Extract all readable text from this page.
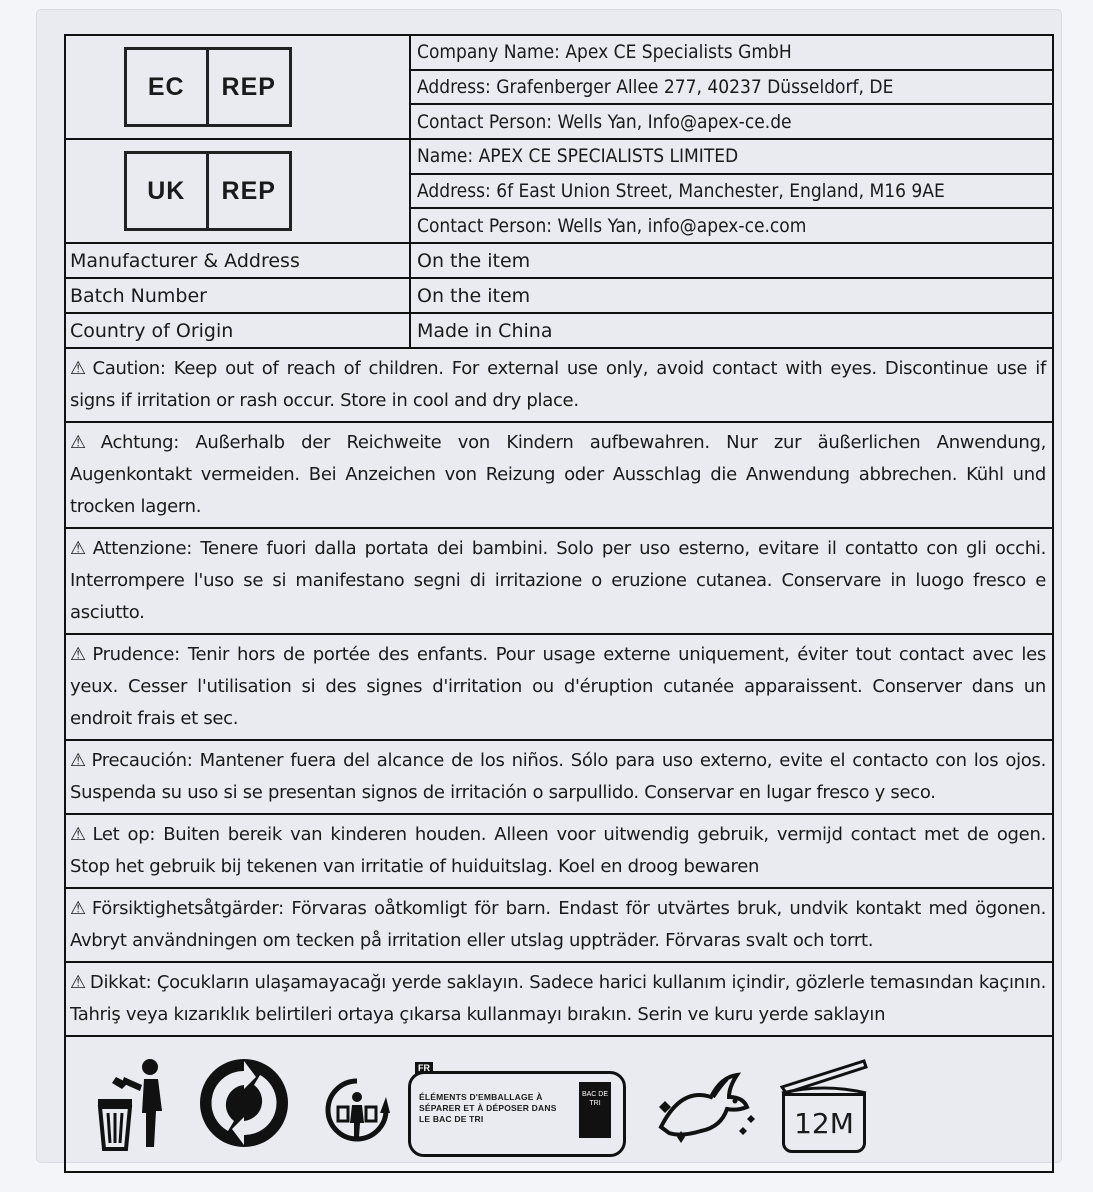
EC	REP
Company Name: Apex CE Specialists GmbH
Address: Grafenberger Allee 277, 40237 Düsseldorf, DE
Contact Person: Wells Yan, Info@apex-ce.de
UK	REP
Name: APEX CE SPECIALISTS LIMITED
Address: 6f East Union Street, Manchester, England, M16 9AE
Contact Person: Wells Yan, info@apex-ce.com
Manufacturer & Address	On the item
Batch Number	On the item
Country of Origin	Made in China
⚠ Caution: Keep out of reach of children. For external use only, avoid contact with eyes. Discontinue use if signs if irritation or rash occur. Store in cool and dry place.
⚠ Achtung: Außerhalb der Reichweite von Kindern aufbewahren. Nur zur äußerlichen Anwendung, Augenkontakt vermeiden. Bei Anzeichen von Reizung oder Ausschlag die Anwendung abbrechen. Kühl und trocken lagern.
⚠ Attenzione: Tenere fuori dalla portata dei bambini. Solo per uso esterno, evitare il contatto con gli occhi. Interrompere l'uso se si manifestano segni di irritazione o eruzione cutanea. Conservare in luogo fresco e asciutto.
⚠ Prudence: Tenir hors de portée des enfants. Pour usage externe uniquement, éviter tout contact avec les yeux. Cesser l'utilisation si des signes d'irritation ou d'éruption cutanée apparaissent. Conserver dans un endroit frais et sec.
⚠ Precaución: Mantener fuera del alcance de los niños. Sólo para uso externo, evite el contacto con los ojos. Suspenda su uso si se presentan signos de irritación o sarpullido. Conservar en lugar fresco y seco.
⚠ Let op: Buiten bereik van kinderen houden. Alleen voor uitwendig gebruik, vermijd contact met de ogen. Stop het gebruik bij tekenen van irritatie of huiduitslag. Koel en droog bewaren
⚠ Försiktighetsåtgärder: Förvaras oåtkomligt för barn. Endast för utvärtes bruk, undvik kontakt med ögonen. Avbryt användningen om tecken på irritation eller utslag uppträder. Förvaras svalt och torrt.
⚠ Dikkat: Çocukların ulaşamayacağı yerde saklayın. Sadece harici kullanım içindir, gözlerle temasından kaçının. Tahriş veya kızarıklık belirtileri ortaya çıkarsa kullanmayı bırakın. Serin ve kuru yerde saklayın
FR
ÉLÉMENTS D'EMBALLAGE À SÉPARER ET À DÉPOSER DANS LE BAC DE TRI
BAC DE TRI
12M
